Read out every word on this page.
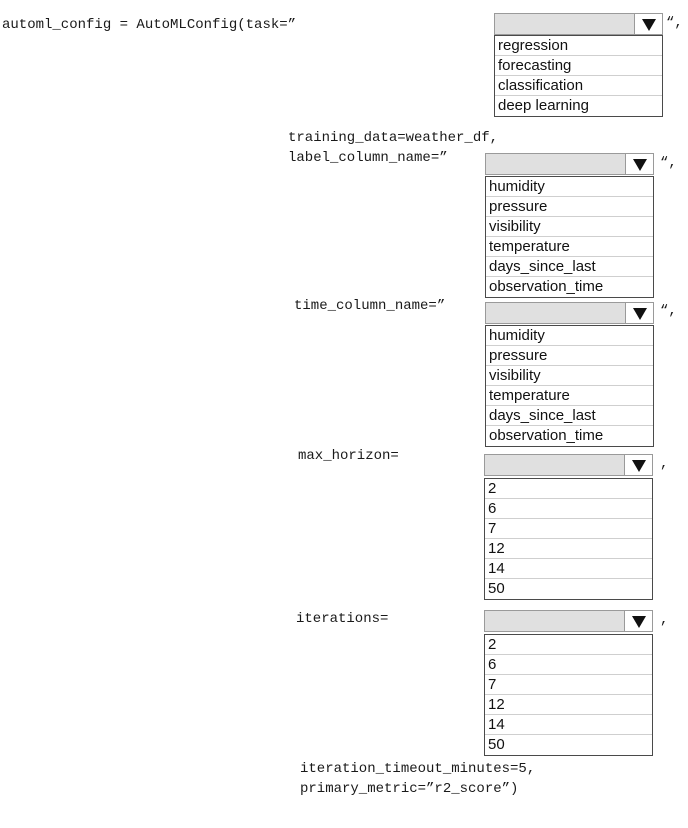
automl_config = AutoMLConfig(task=”
training_data=weather_df,
label_column_name=”
time_column_name=”
max_horizon=
iterations=
iteration_timeout_minutes=5,
primary_metric=”r2_score”)
“,
“,
“,
,
,
regression
forecasting
classification
deep learning
humidity
pressure
visibility
temperature
days_since_last
observation_time
humidity
pressure
visibility
temperature
days_since_last
observation_time
2
6
7
12
14
50
2
6
7
12
14
50
